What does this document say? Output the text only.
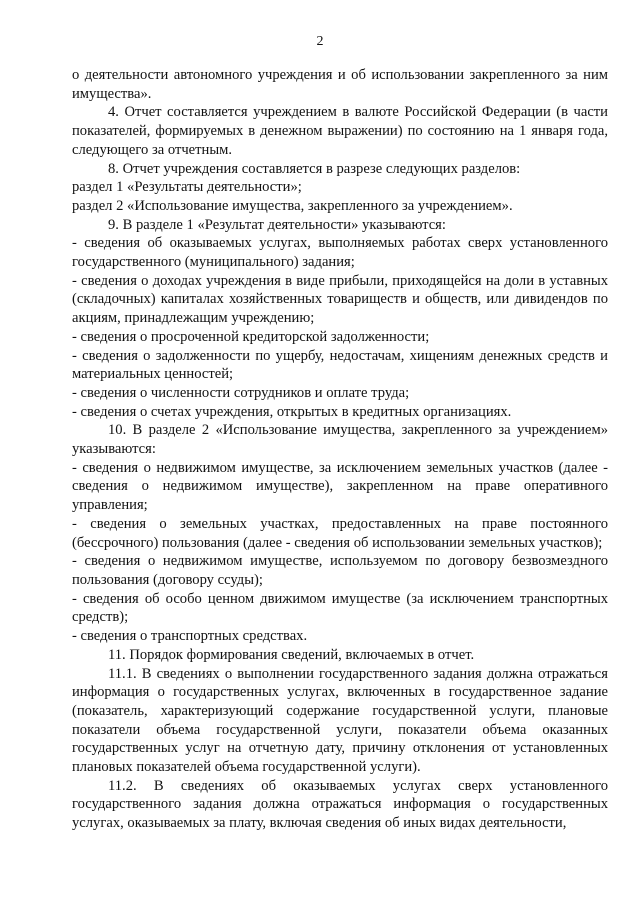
2

о деятельности автономного учреждения и об использовании закрепленного за ним имущества».

4. Отчет составляется учреждением в валюте Российской Федерации (в части показателей, формируемых в денежном выражении) по состоянию на 1 января года, следующего за отчетным.

8. Отчет учреждения составляется в разрезе следующих разделов:

раздел 1 «Результаты деятельности»;

раздел 2 «Использование имущества, закрепленного за учреждением».

9. В разделе 1 «Результат деятельности» указываются:

- сведения об оказываемых услугах, выполняемых работах сверх установленного государственного (муниципального) задания;

- сведения о доходах учреждения в виде прибыли, приходящейся на доли в уставных (складочных) капиталах хозяйственных товариществ и обществ, или дивидендов по акциям, принадлежащим учреждению;

- сведения о просроченной кредиторской задолженности;

- сведения о задолженности по ущербу, недостачам, хищениям денежных средств и материальных ценностей;

- сведения о численности сотрудников и оплате труда;

- сведения о счетах учреждения, открытых в кредитных организациях.

10. В разделе 2 «Использование имущества, закрепленного за учреждением» указываются:

- сведения о недвижимом имуществе, за исключением земельных участков (далее - сведения о недвижимом имуществе), закрепленном на праве оперативного управления;

- сведения о земельных участках, предоставленных на праве постоянного (бессрочного) пользования (далее - сведения об использовании земельных участков);

- сведения о недвижимом имуществе, используемом по договору безвозмездного пользования (договору ссуды);

- сведения об особо ценном движимом имуществе (за исключением транспортных средств);

- сведения о транспортных средствах.

11. Порядок формирования сведений, включаемых в отчет.

11.1. В сведениях о выполнении государственного задания должна отражаться информация о государственных услугах, включенных в государственное задание (показатель, характеризующий содержание государственной услуги, плановые показатели объема государственной услуги, показатели объема оказанных государственных услуг на отчетную дату, причину отклонения от установленных плановых показателей объема государственной услуги).

11.2. В сведениях об оказываемых услугах сверх установленного государственного задания должна отражаться информация о государственных услугах, оказываемых за плату, включая сведения об иных видах деятельности,
